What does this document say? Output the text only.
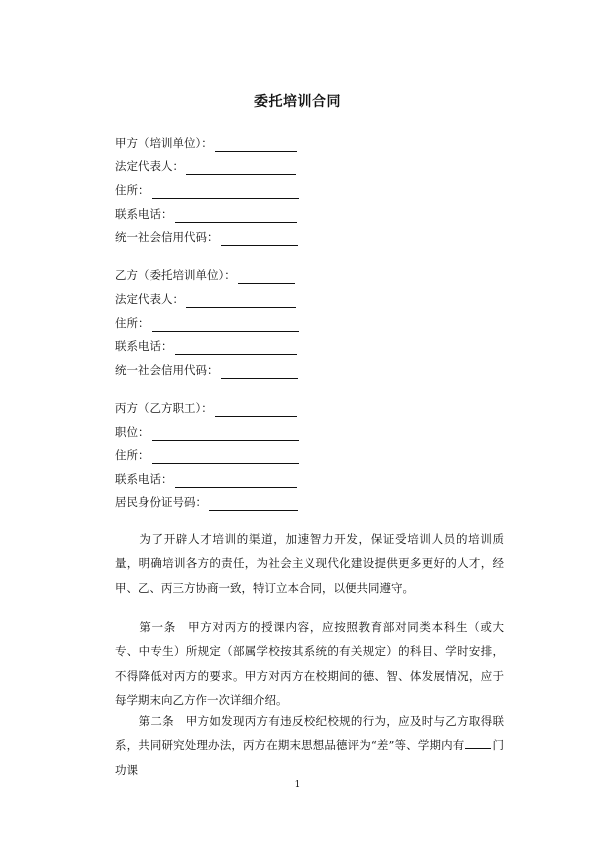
委托培训合同
甲方（培训单位）：
法定代表人：
住所：
联系电话：
统一社会信用代码：
乙方（委托培训单位）：
法定代表人：
住所：
联系电话：
统一社会信用代码：
丙方（乙方职工）：
职位：
住所：
联系电话：
居民身份证号码：
　　为了开辟人才培训的渠道，加速智力开发，保证受培训人员的培训质量，明确培训各方的责任，为社会主义现代化建设提供更多更好的人才，经甲、乙、丙三方协商一致，特订立本合同，以便共同遵守。
　　第一条　甲方对丙方的授课内容，应按照教育部对同类本科生（或大专、中专生）所规定（部属学校按其系统的有关规定）的科目、学时安排，不得降低对丙方的要求。甲方对丙方在校期间的德、智、体发展情况，应于每学期末向乙方作一次详细介绍。
　　第二条　甲方如发现丙方有违反校纪校规的行为，应及时与乙方取得联系，共同研究处理办法，丙方在期末思想品德评为“差”等、学期内有 门功课
1
